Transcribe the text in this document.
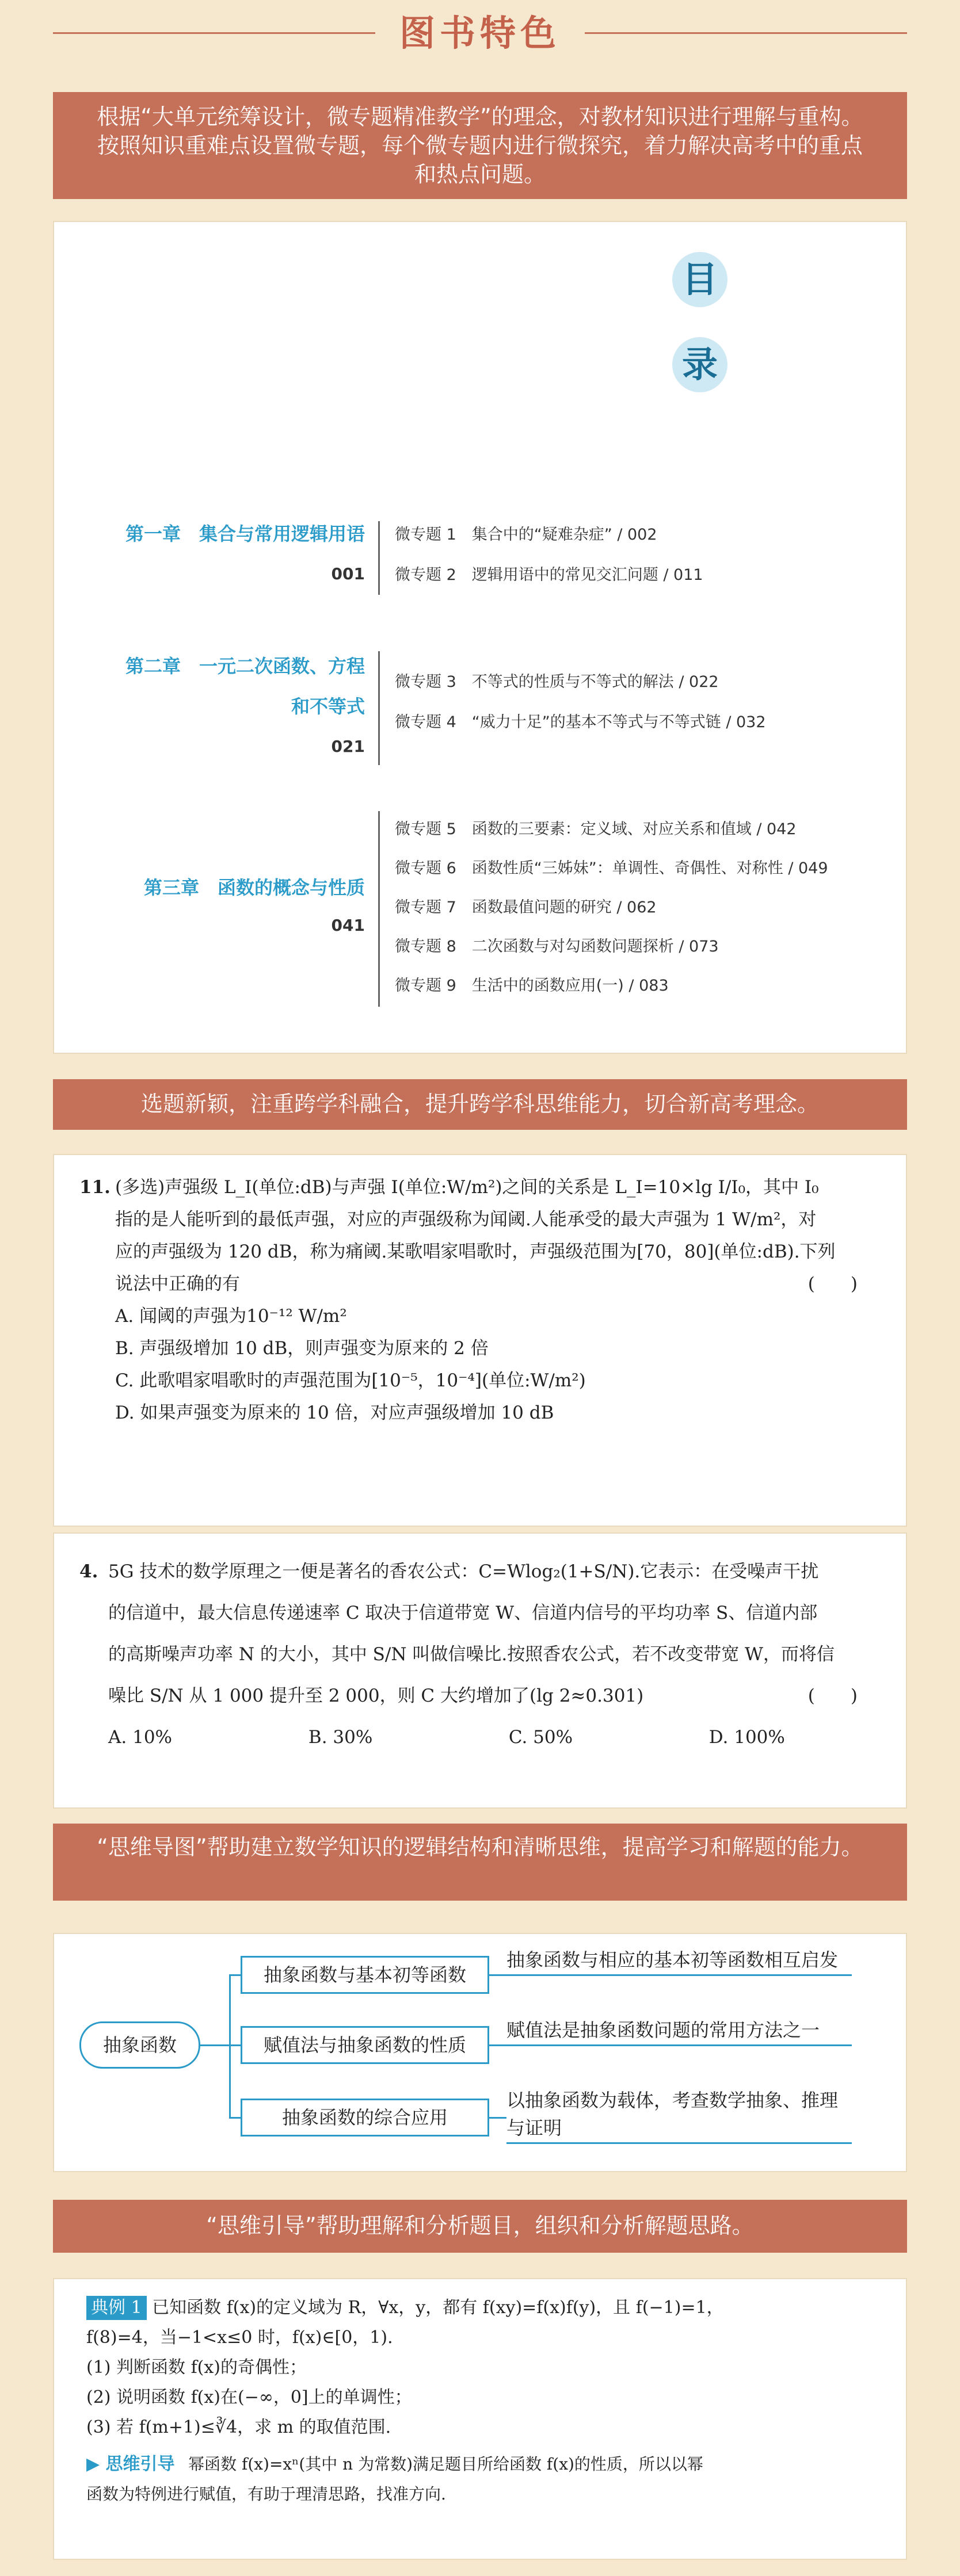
图书特色
根据“大单元统筹设计，微专题精准教学”的理念，对教材知识进行理解与重构。按照知识重难点设置微专题，每个微专题内进行微探究，着力解决高考中的重点和热点问题。
目
录
第一章　集合与常用逻辑用语
001
微专题 1　集合中的“疑难杂症” / 002
微专题 2　逻辑用语中的常见交汇问题 / 011
第二章　一元二次函数、方程
和不等式
021
微专题 3　不等式的性质与不等式的解法 / 022
微专题 4　“威力十足”的基本不等式与不等式链 / 032
第三章　函数的概念与性质
041
微专题 5　函数的三要素：定义域、对应关系和值域 / 042
微专题 6　函数性质“三姊妹”：单调性、奇偶性、对称性 / 049
微专题 7　函数最值问题的研究 / 062
微专题 8　二次函数与对勾函数问题探析 / 073
微专题 9　生活中的函数应用(一) / 083
选题新颖，注重跨学科融合，提升跨学科思维能力，切合新高考理念。
11. (多选)声强级 L_I(单位:dB)与声强 I(单位:W/m²)之间的关系是 L_I=10×lg I/I₀，其中 I₀
指的是人能听到的最低声强，对应的声强级称为闻阈.人能承受的最大声强为 1 W/m²，对
应的声强级为 120 dB，称为痛阈.某歌唱家唱歌时，声强级范围为[70，80](单位:dB).下列
说法中正确的有	(　　)
A. 闻阈的声强为10⁻¹² W/m²
B. 声强级增加 10 dB，则声强变为原来的 2 倍
C. 此歌唱家唱歌时的声强范围为[10⁻⁵，10⁻⁴](单位:W/m²)
D. 如果声强变为原来的 10 倍，对应声强级增加 10 dB
4. 5G 技术的数学原理之一便是著名的香农公式：C=Wlog₂(1+S/N).它表示：在受噪声干扰
的信道中，最大信息传递速率 C 取决于信道带宽 W、信道内信号的平均功率 S、信道内部
的高斯噪声功率 N 的大小，其中 S/N 叫做信噪比.按照香农公式，若不改变带宽 W，而将信
噪比 S/N 从 1 000 提升至 2 000，则 C 大约增加了(lg 2≈0.301)	(　　)
A. 10%	B. 30%	C. 50%	D. 100%
“思维导图”帮助建立数学知识的逻辑结构和清晰思维，提高学习和解题的能力。
抽象函数
抽象函数与基本初等函数
赋值法与抽象函数的性质
抽象函数的综合应用
抽象函数与相应的基本初等函数相互启发
赋值法是抽象函数问题的常用方法之一
以抽象函数为载体，考查数学抽象、推理
与证明
“思维引导”帮助理解和分析题目，组织和分析解题思路。
典例 1 已知函数 f(x)的定义域为 R，∀x，y，都有 f(xy)=f(x)f(y)，且 f(−1)=1，
f(8)=4，当−1<x≤0 时，f(x)∈[0，1).
(1) 判断函数 f(x)的奇偶性；
(2) 说明函数 f(x)在(−∞，0]上的单调性；
(3) 若 f(m+1)≤∛4，求 m 的取值范围.
▶ 思维引导 幂函数 f(x)=xⁿ(其中 n 为常数)满足题目所给函数 f(x)的性质，所以以幂
函数为特例进行赋值，有助于理清思路，找准方向.
